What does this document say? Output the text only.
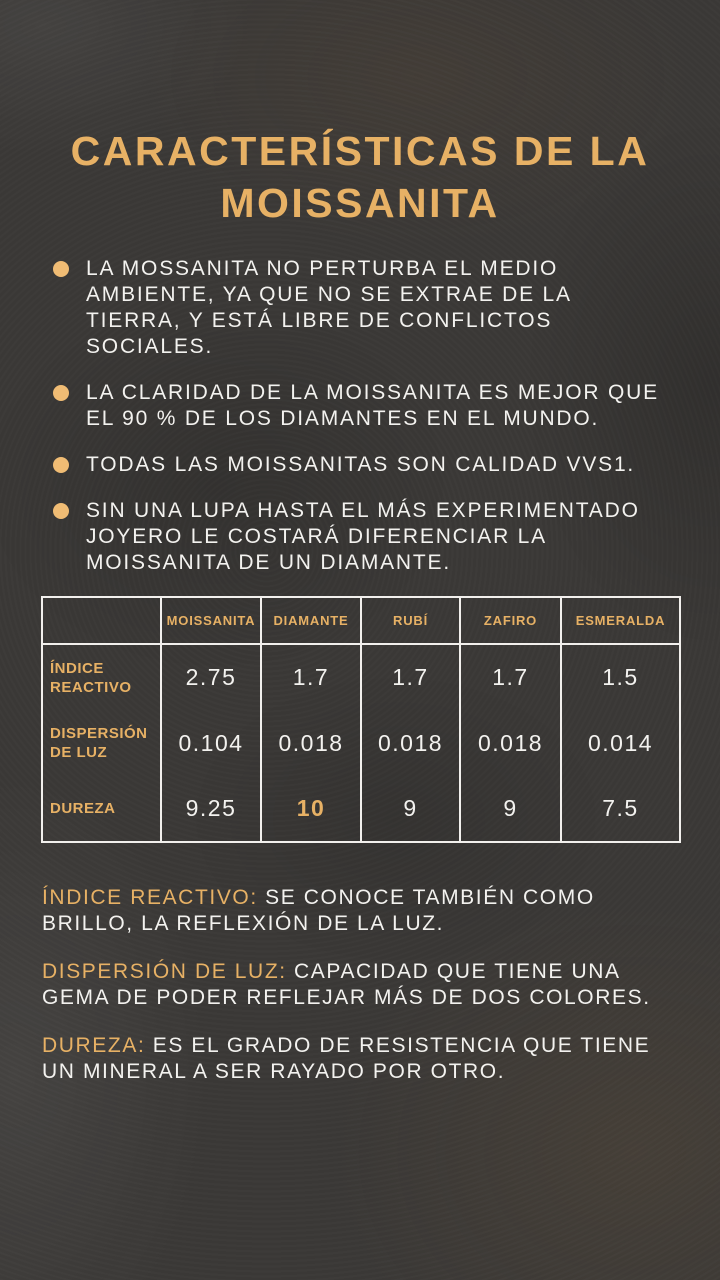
CARACTERÍSTICAS DE LA MOISSANITA
LA MOSSANITA NO PERTURBA EL MEDIO AMBIENTE, YA QUE NO SE EXTRAE DE LA TIERRA, Y ESTÁ LIBRE DE CONFLICTOS SOCIALES.
LA CLARIDAD DE LA MOISSANITA ES MEJOR QUE EL 90 % DE LOS DIAMANTES EN EL MUNDO.
TODAS LAS MOISSANITAS SON CALIDAD VVS1.
SIN UNA LUPA HASTA EL MÁS EXPERIMENTADO JOYERO LE COSTARÁ DIFERENCIAR LA MOISSANITA DE UN DIAMANTE.
	MOISSANITA	DIAMANTE	RUBÍ	ZAFIRO	ESMERALDA
ÍNDICE REACTIVO	2.75	1.7	1.7	1.7	1.5
DISPERSIÓN DE LUZ	0.104	0.018	0.018	0.018	0.014
DUREZA	9.25	10	9	9	7.5

ÍNDICE REACTIVO: SE CONOCE TAMBIÉN COMO BRILLO, LA REFLEXIÓN DE LA LUZ.

DISPERSIÓN DE LUZ: CAPACIDAD QUE TIENE UNA GEMA DE PODER REFLEJAR MÁS DE DOS COLORES.

DUREZA: ES EL GRADO DE RESISTENCIA QUE TIENE UN MINERAL A SER RAYADO POR OTRO.
